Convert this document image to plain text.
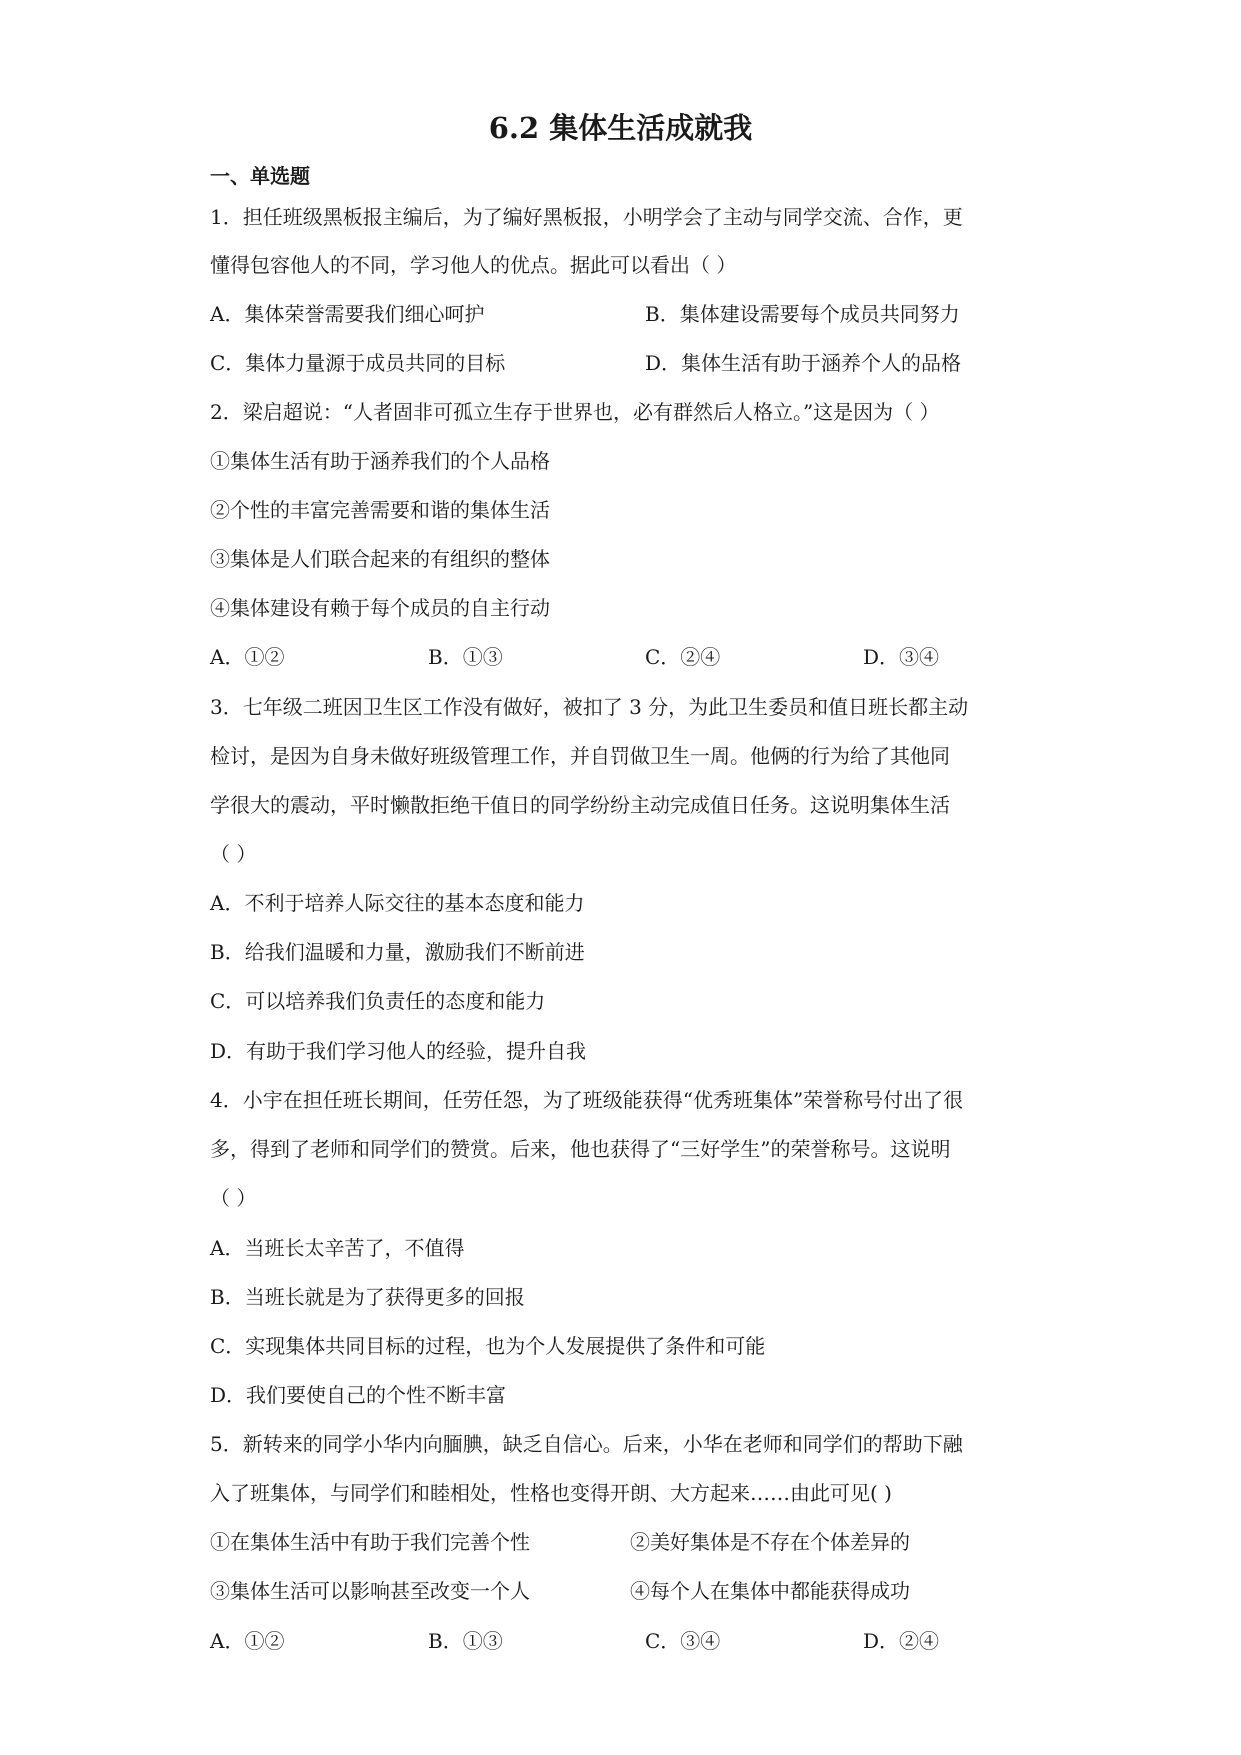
6.2 集体生活成就我
一、单选题
1．担任班级黑板报主编后，为了编好黑板报，小明学会了主动与同学交流、合作，更
懂得包容他人的不同，学习他人的优点。据此可以看出（ ）
A．集体荣誉需要我们细心呵护	B．集体建设需要每个成员共同努力
C．集体力量源于成员共同的目标	D．集体生活有助于涵养个人的品格
2．梁启超说：“人者固非可孤立生存于世界也，必有群然后人格立。”这是因为（ ）
①集体生活有助于涵养我们的个人品格
②个性的丰富完善需要和谐的集体生活
③集体是人们联合起来的有组织的整体
④集体建设有赖于每个成员的自主行动
A．①②	B．①③	C．②④	D．③④
3．七年级二班因卫生区工作没有做好，被扣了 3 分，为此卫生委员和值日班长都主动
检讨，是因为自身未做好班级管理工作，并自罚做卫生一周。他俩的行为给了其他同
学很大的震动，平时懒散拒绝干值日的同学纷纷主动完成值日任务。这说明集体生活
（ ）
A．不利于培养人际交往的基本态度和能力
B．给我们温暖和力量，激励我们不断前进
C．可以培养我们负责任的态度和能力
D．有助于我们学习他人的经验，提升自我
4．小宇在担任班长期间，任劳任怨，为了班级能获得“优秀班集体”荣誉称号付出了很
多，得到了老师和同学们的赞赏。后来，他也获得了“三好学生”的荣誉称号。这说明
（ ）
A．当班长太辛苦了，不值得
B．当班长就是为了获得更多的回报
C．实现集体共同目标的过程，也为个人发展提供了条件和可能
D．我们要使自己的个性不断丰富
5．新转来的同学小华内向腼腆，缺乏自信心。后来，小华在老师和同学们的帮助下融
入了班集体，与同学们和睦相处，性格也变得开朗、大方起来……由此可见( )
①在集体生活中有助于我们完善个性	②美好集体是不存在个体差异的
③集体生活可以影响甚至改变一个人	④每个人在集体中都能获得成功
A．①②	B．①③	C．③④	D．②④
